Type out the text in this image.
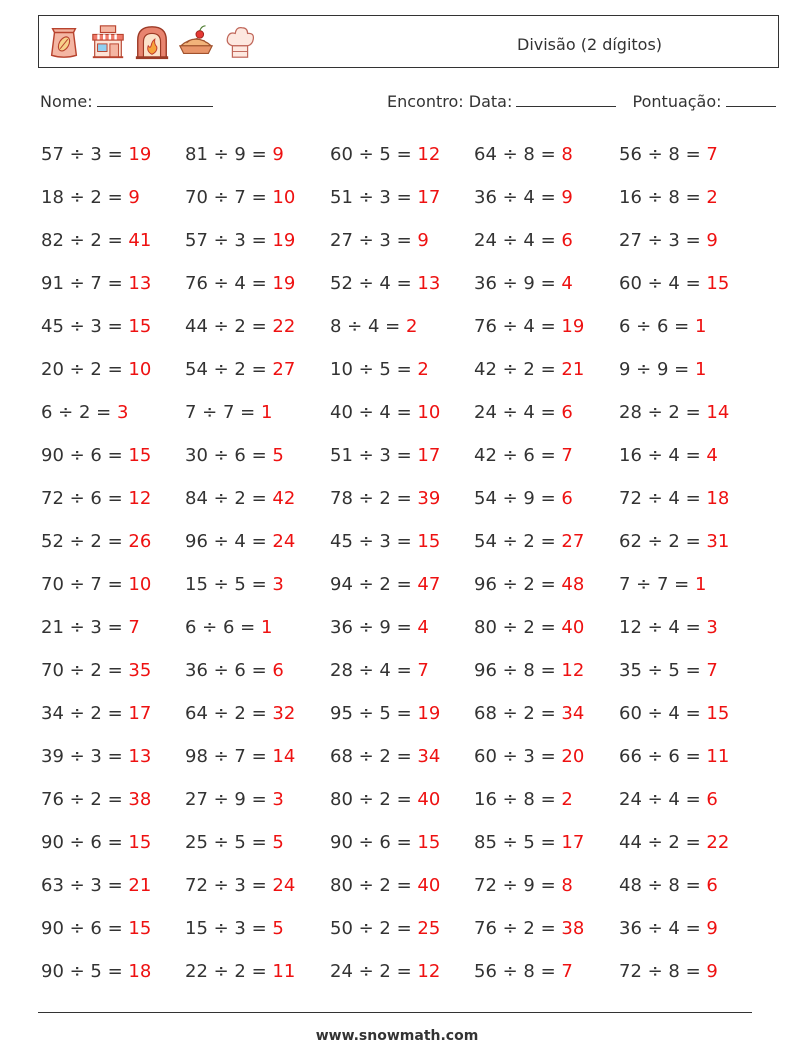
Divisão (2 dígitos)
Nome:	Encontro: Data:	Pontuação:
57 ÷ 3 = 19 81 ÷ 9 = 9	60 ÷ 5 = 12 64 ÷ 8 = 8	56 ÷ 8 = 7
18 ÷ 2 = 9	70 ÷ 7 = 10 51 ÷ 3 = 17 36 ÷ 4 = 9	16 ÷ 8 = 2
82 ÷ 2 = 41 57 ÷ 3 = 19 27 ÷ 3 = 9	24 ÷ 4 = 6	27 ÷ 3 = 9
91 ÷ 7 = 13 76 ÷ 4 = 19 52 ÷ 4 = 13 36 ÷ 9 = 4	60 ÷ 4 = 15
45 ÷ 3 = 15 44 ÷ 2 = 22 8 ÷ 4 = 2	76 ÷ 4 = 19 6 ÷ 6 = 1
20 ÷ 2 = 10 54 ÷ 2 = 27 10 ÷ 5 = 2	42 ÷ 2 = 21 9 ÷ 9 = 1
6 ÷ 2 = 3	7 ÷ 7 = 1	40 ÷ 4 = 10 24 ÷ 4 = 6	28 ÷ 2 = 14
90 ÷ 6 = 15 30 ÷ 6 = 5	51 ÷ 3 = 17 42 ÷ 6 = 7	16 ÷ 4 = 4
72 ÷ 6 = 12 84 ÷ 2 = 42 78 ÷ 2 = 39 54 ÷ 9 = 6	72 ÷ 4 = 18
52 ÷ 2 = 26 96 ÷ 4 = 24 45 ÷ 3 = 15 54 ÷ 2 = 27 62 ÷ 2 = 31
70 ÷ 7 = 10 15 ÷ 5 = 3	94 ÷ 2 = 47 96 ÷ 2 = 48 7 ÷ 7 = 1
21 ÷ 3 = 7	6 ÷ 6 = 1	36 ÷ 9 = 4	80 ÷ 2 = 40 12 ÷ 4 = 3
70 ÷ 2 = 35 36 ÷ 6 = 6	28 ÷ 4 = 7	96 ÷ 8 = 12 35 ÷ 5 = 7
34 ÷ 2 = 17 64 ÷ 2 = 32 95 ÷ 5 = 19 68 ÷ 2 = 34 60 ÷ 4 = 15
39 ÷ 3 = 13 98 ÷ 7 = 14 68 ÷ 2 = 34 60 ÷ 3 = 20 66 ÷ 6 = 11
76 ÷ 2 = 38 27 ÷ 9 = 3	80 ÷ 2 = 40 16 ÷ 8 = 2	24 ÷ 4 = 6
90 ÷ 6 = 15 25 ÷ 5 = 5	90 ÷ 6 = 15 85 ÷ 5 = 17 44 ÷ 2 = 22
63 ÷ 3 = 21 72 ÷ 3 = 24 80 ÷ 2 = 40 72 ÷ 9 = 8	48 ÷ 8 = 6
90 ÷ 6 = 15 15 ÷ 3 = 5	50 ÷ 2 = 25 76 ÷ 2 = 38 36 ÷ 4 = 9
90 ÷ 5 = 18 22 ÷ 2 = 11 24 ÷ 2 = 12 56 ÷ 8 = 7	72 ÷ 8 = 9
www.snowmath.com
